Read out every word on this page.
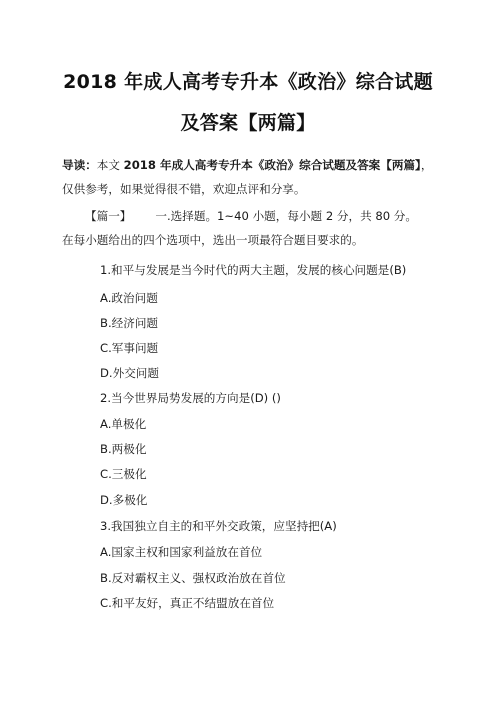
2018 年成人高考专升本《政治》综合试题
及答案【两篇】
导读：本文 2018 年成人高考专升本《政治》综合试题及答案【两篇】，
仅供参考，如果觉得很不错，欢迎点评和分享。
【篇一】 一.选择题。1~40 小题，每小题 2 分，共 80 分。
在每小题给出的四个选项中，选出一项最符合题目要求的。
1.和平与发展是当今时代的两大主题，发展的核心问题是(B)
A.政治问题
B.经济问题
C.军事问题
D.外交问题
2.当今世界局势发展的方向是(D) ()
A.单极化
B.两极化
C.三极化
D.多极化
3.我国独立自主的和平外交政策，应坚持把(A)
A.国家主权和国家利益放在首位
B.反对霸权主义、强权政治放在首位
C.和平友好，真正不结盟放在首位
